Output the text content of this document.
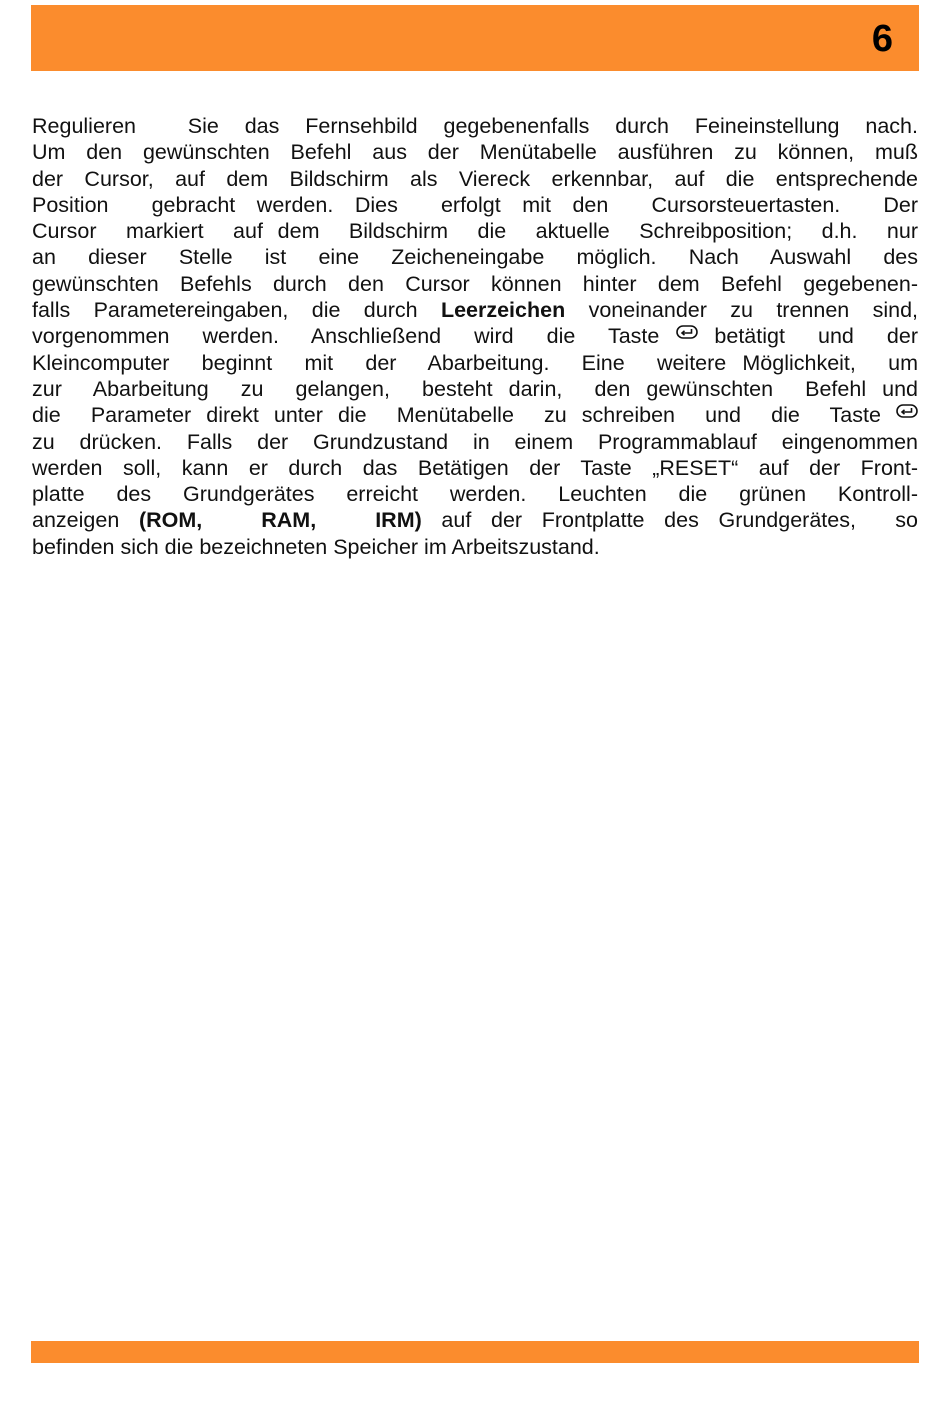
6
Regulieren  Sie das Fernsehbild gegebenenfalls durch Feineinstellung nach.
Um den gewünschten Befehl aus der Menütabelle ausführen zu können, muß
der Cursor, auf dem Bildschirm als Viereck erkennbar, auf die entsprechende
Position  gebracht werden. Dies  erfolgt mit den  Cursorsteuertasten.  Der
Cursor  markiert  auf dem  Bildschirm  die  aktuelle  Schreibposition;  d.h.  nur
an  dieser  Stelle  ist  eine  Zeicheneingabe  möglich.  Nach  Auswahl  des
gewünschten Befehls durch den Cursor können hinter dem Befehl gegebenen-
falls Parametereingaben, die durch Leerzeichen voneinander zu trennen sind,
vorgenommen  werden.  Anschließend  wird  die  Taste
betätigt  und  der
Kleincomputer  beginnt  mit  der  Abarbeitung.  Eine  weitere Möglichkeit,  um
zur  Abarbeitung  zu  gelangen,  besteht darin,  den gewünschten  Befehl und
die  Parameter direkt unter die  Menütabelle  zu schreiben  und  die  Taste
zu drücken. Falls der Grundzustand in einem Programmablauf eingenommen
werden soll, kann er durch das Betätigen der Taste „RESET“ auf der Front-
platte  des  Grundgerätes  erreicht  werden.  Leuchten  die  grünen  Kontroll-
anzeigen (ROM,   RAM,   IRM) auf der Frontplatte des Grundgerätes,  so
befinden sich die bezeichneten Speicher im Arbeitszustand.
